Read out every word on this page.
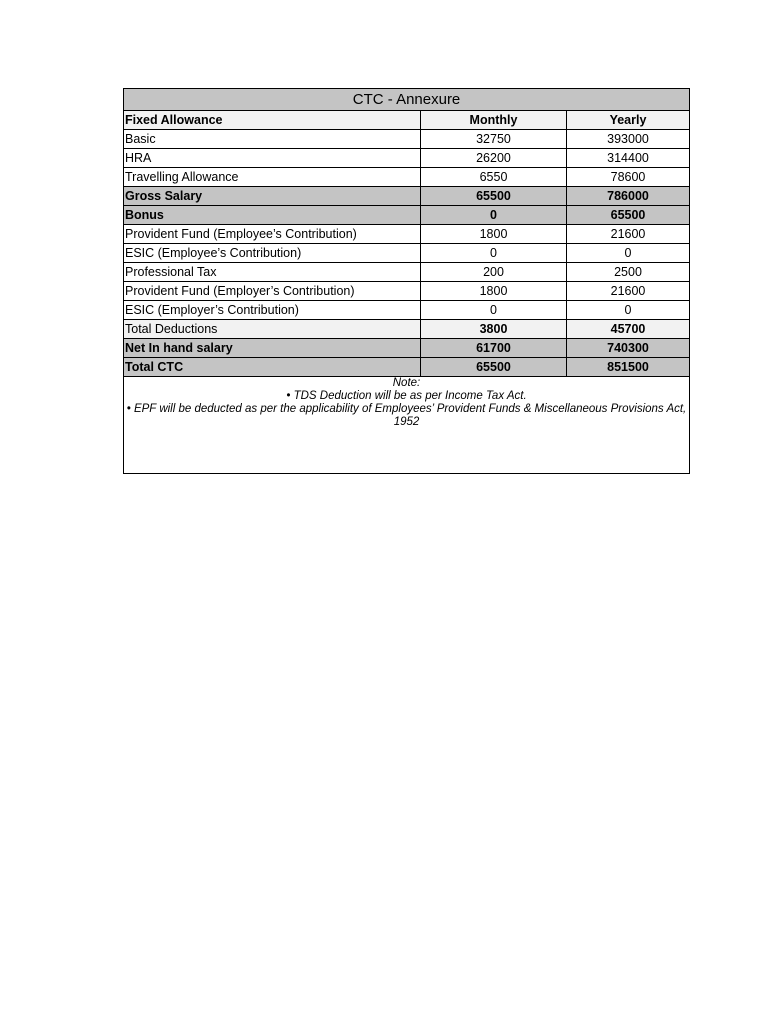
CTC - Annexure		
Fixed Allowance	Monthly	Yearly
Basic	32750	393000
HRA	26200	314400
Travelling Allowance	6550	78600
Gross Salary	65500	786000
Bonus	0	65500
Provident Fund (Employee’s Contribution)	1800	21600
ESIC (Employee’s Contribution)	0	0
Professional Tax	200	2500
Provident Fund (Employer’s Contribution)	1800	21600
ESIC (Employer’s Contribution)	0	0
Total Deductions	3800	45700
Net In hand salary	61700	740300
Total CTC	65500	851500

Note:
• TDS Deduction will be as per Income Tax Act.
• EPF will be deducted as per the applicability of Employees’ Provident Funds & Miscellaneous Provisions Act, 1952		
